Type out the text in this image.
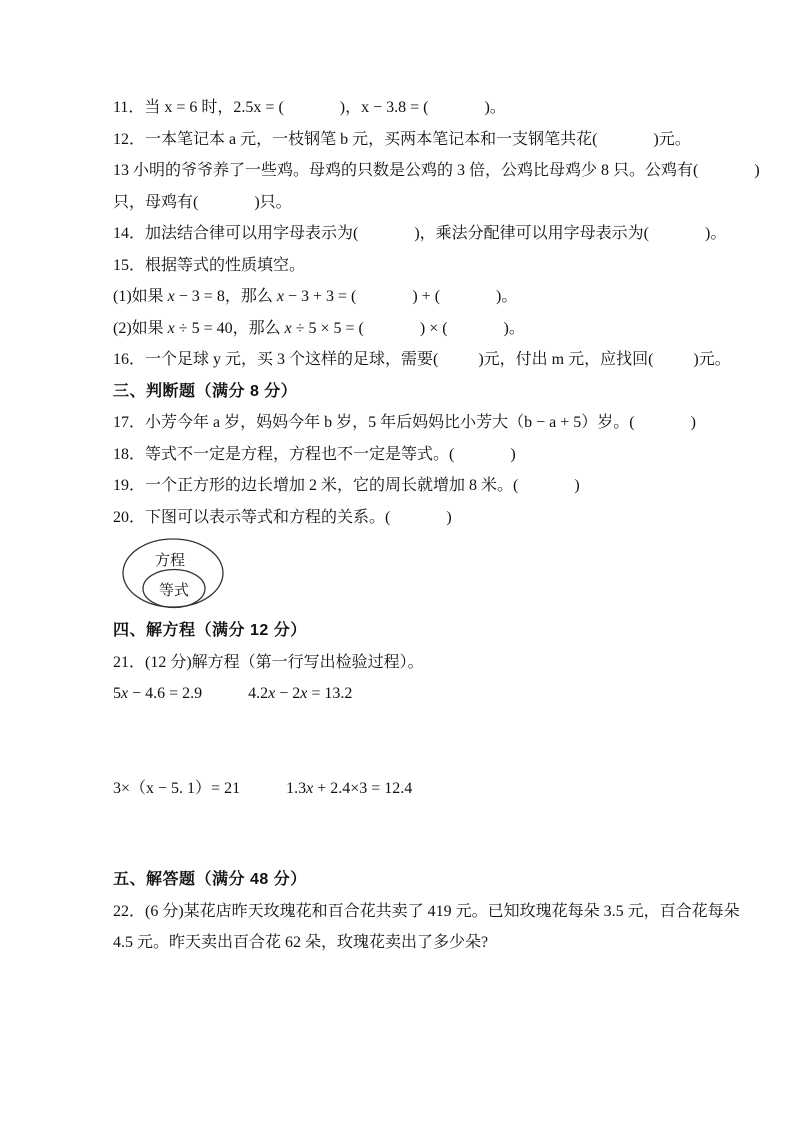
11．当 x = 6 时，2.5x = (              )，x − 3.8 = (              )。

12．一本笔记本 a 元，一枝钢笔 b 元，买两本笔记本和一支钢笔共花(              )元。

13 小明的爷爷养了一些鸡。母鸡的只数是公鸡的 3 倍，公鸡比母鸡少 8 只。公鸡有(              )

只，母鸡有(              )只。

14．加法结合律可以用字母表示为(              )，乘法分配律可以用字母表示为(              )。

15．根据等式的性质填空。

(1)如果 x − 3 = 8，那么 x − 3 + 3 = (              ) + (              )。

(2)如果 x ÷ 5 = 40，那么 x ÷ 5 × 5 = (              ) × (              )。

16．一个足球 y 元，买 3 个这样的足球，需要(          )元，付出 m 元，应找回(          )元。

三、判断题（满分 8 分）

17．小芳今年 a 岁，妈妈今年 b 岁，5 年后妈妈比小芳大（b − a + 5）岁。(              )

18．等式不一定是方程，方程也不一定是等式。(              )

19．一个正方形的边长增加 2 米，它的周长就增加 8 米。(              )

20．下图可以表示等式和方程的关系。(              )

方程
等式

四、解方程（满分 12 分）

21．(12 分)解方程（第一行写出检验过程）。

5x − 4.6 = 2.9	4.2x − 2x = 13.2
3×（x − 5. 1）= 21	1.3x + 2.4×3 = 12.4

五、解答题（满分 48 分）

22．(6 分)某花店昨天玫瑰花和百合花共卖了 419 元。已知玫瑰花每朵 3.5 元，百合花每朵

4.5 元。昨天卖出百合花 62 朵，玫瑰花卖出了多少朵?
